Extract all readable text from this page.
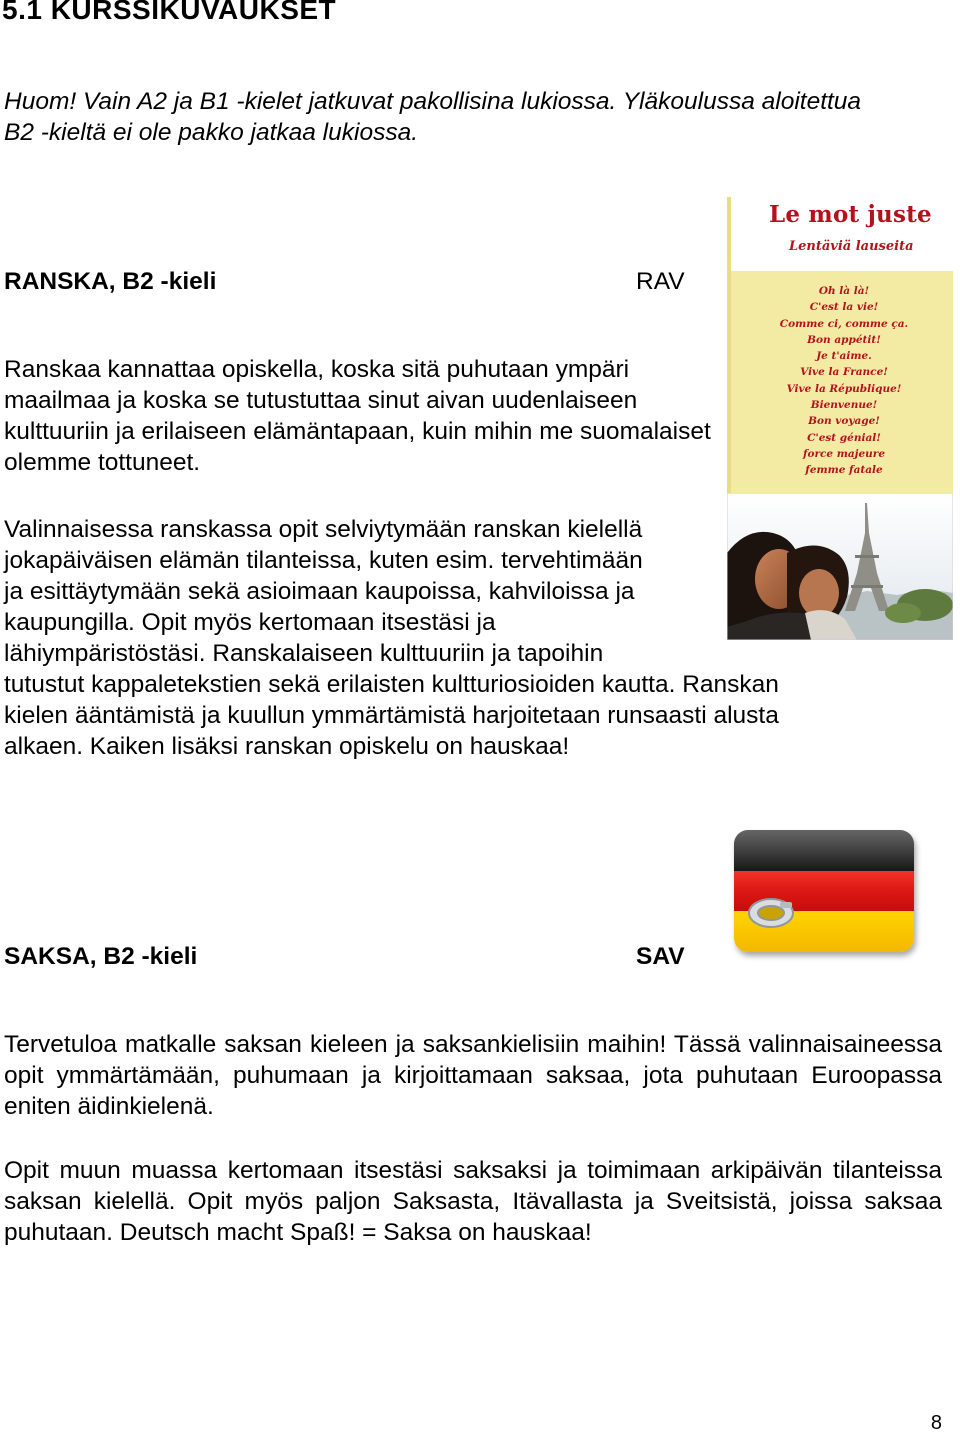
5.1 KURSSIKUVAUKSET

Huom! Vain A2 ja B1 -kielet jatkuvat pakollisina lukiossa. Yläkoulussa aloitettua B2 -kieltä ei ole pakko jatkaa lukiossa.

RANSKA, B2 -kieli	RAV

Ranskaa kannattaa opiskella, koska sitä puhutaan ympäri maailmaa ja koska se tutustuttaa sinut aivan uudenlaiseen kulttuuriin ja erilaiseen elämäntapaan, kuin mihin me suomalaiset olemme tottuneet.

Valinnaisessa ranskassa opit selviytymään ranskan kielellä
jokapäiväisen elämän tilanteissa, kuten esim. tervehtimään
ja esittäytymään sekä asioimaan kaupoissa, kahviloissa ja
kaupungilla. Opit myös kertomaan itsestäsi ja
lähiympäristöstäsi. Ranskalaiseen kulttuuriin ja tapoihin
tutustut kappaletekstien sekä erilaisten kultturiosioiden kautta. Ranskan
kielen ääntämistä ja kuullun ymmärtämistä harjoitetaan runsaasti alusta
alkaen. Kaiken lisäksi ranskan opiskelu on hauskaa!
Le mot juste
Lentäviä lauseita
Oh là là!
C'est la vie!
Comme ci, comme ça.
Bon appétit!
Je t'aime.
Vive la France!
Vive la République!
Bienvenue!
Bon voyage!
C'est génial!
force majeure
femme fatale

SAKSA, B2 -kieli	SAV

Tervetuloa matkalle saksan kieleen ja saksankielisiin maihin! Tässä valinnaisaineessa opit ymmärtämään, puhumaan ja kirjoittamaan saksaa, jota puhutaan Euroopassa eniten äidinkielenä.

Opit muun muassa kertomaan itsestäsi saksaksi ja toimimaan arkipäivän tilanteissa saksan kielellä. Opit myös paljon Saksasta, Itävallasta ja Sveitsistä, joissa saksaa puhutaan. Deutsch macht Spaß! = Saksa on hauskaa!

8
